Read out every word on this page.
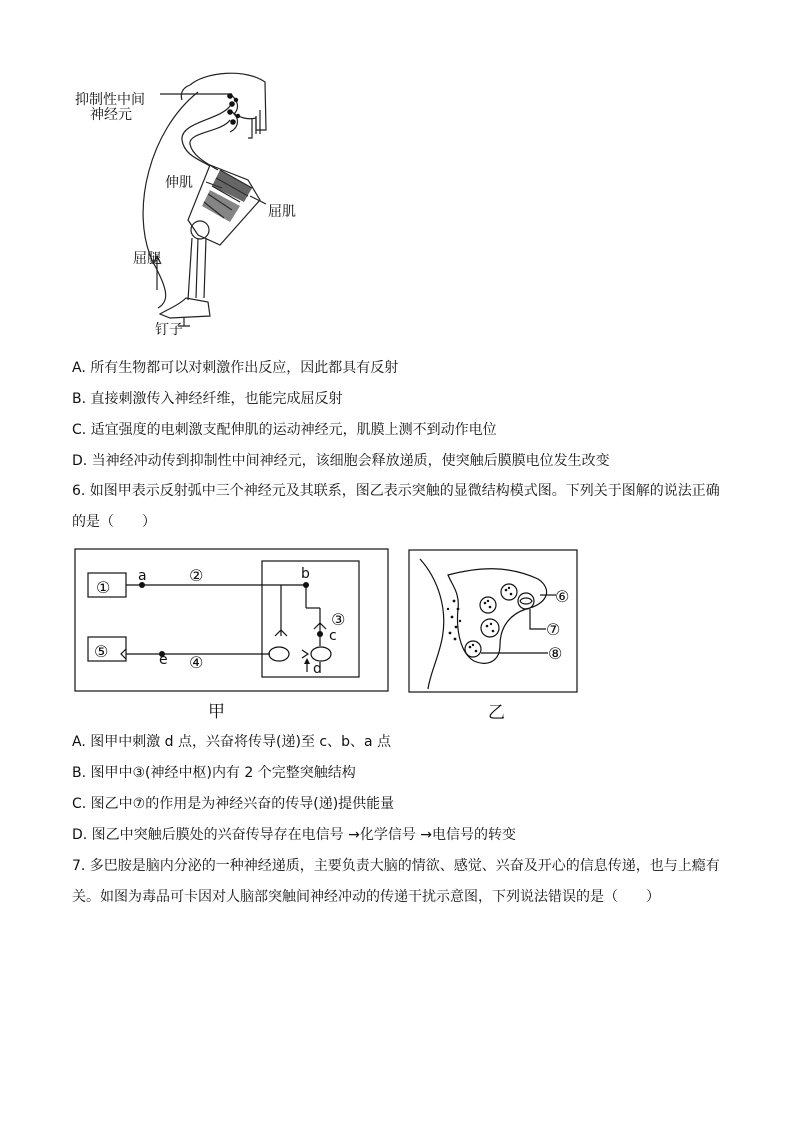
抑制性中间
神经元
伸肌
屈肌
屈腿
钉子
A. 所有生物都可以对刺激作出反应，因此都具有反射
B. 直接刺激传入神经纤维，也能完成屈反射
C. 适宜强度的电刺激支配伸肌的运动神经元，肌膜上测不到动作电位
D. 当神经冲动传到抑制性中间神经元，该细胞会释放递质，使突触后膜膜电位发生改变
6. 如图甲表示反射弧中三个神经元及其联系，图乙表示突触的显微结构模式图。下列关于图解的说法正确的是（　　）
①
⑤
②
③
④
a	b
c
d
e
甲
⑥
⑦
⑧
乙
A. 图甲中刺激 d 点，兴奋将传导(递)至 c、b、a 点
B. 图甲中③(神经中枢)内有 2 个完整突触结构
C. 图乙中⑦的作用是为神经兴奋的传导(递)提供能量
D. 图乙中突触后膜处的兴奋传导存在电信号 →化学信号 →电信号的转变
7. 多巴胺是脑内分泌的一种神经递质，主要负责大脑的情欲、感觉、兴奋及开心的信息传递，也与上瘾有关。如图为毒品可卡因对人脑部突触间神经冲动的传递干扰示意图，下列说法错误的是（　　）
